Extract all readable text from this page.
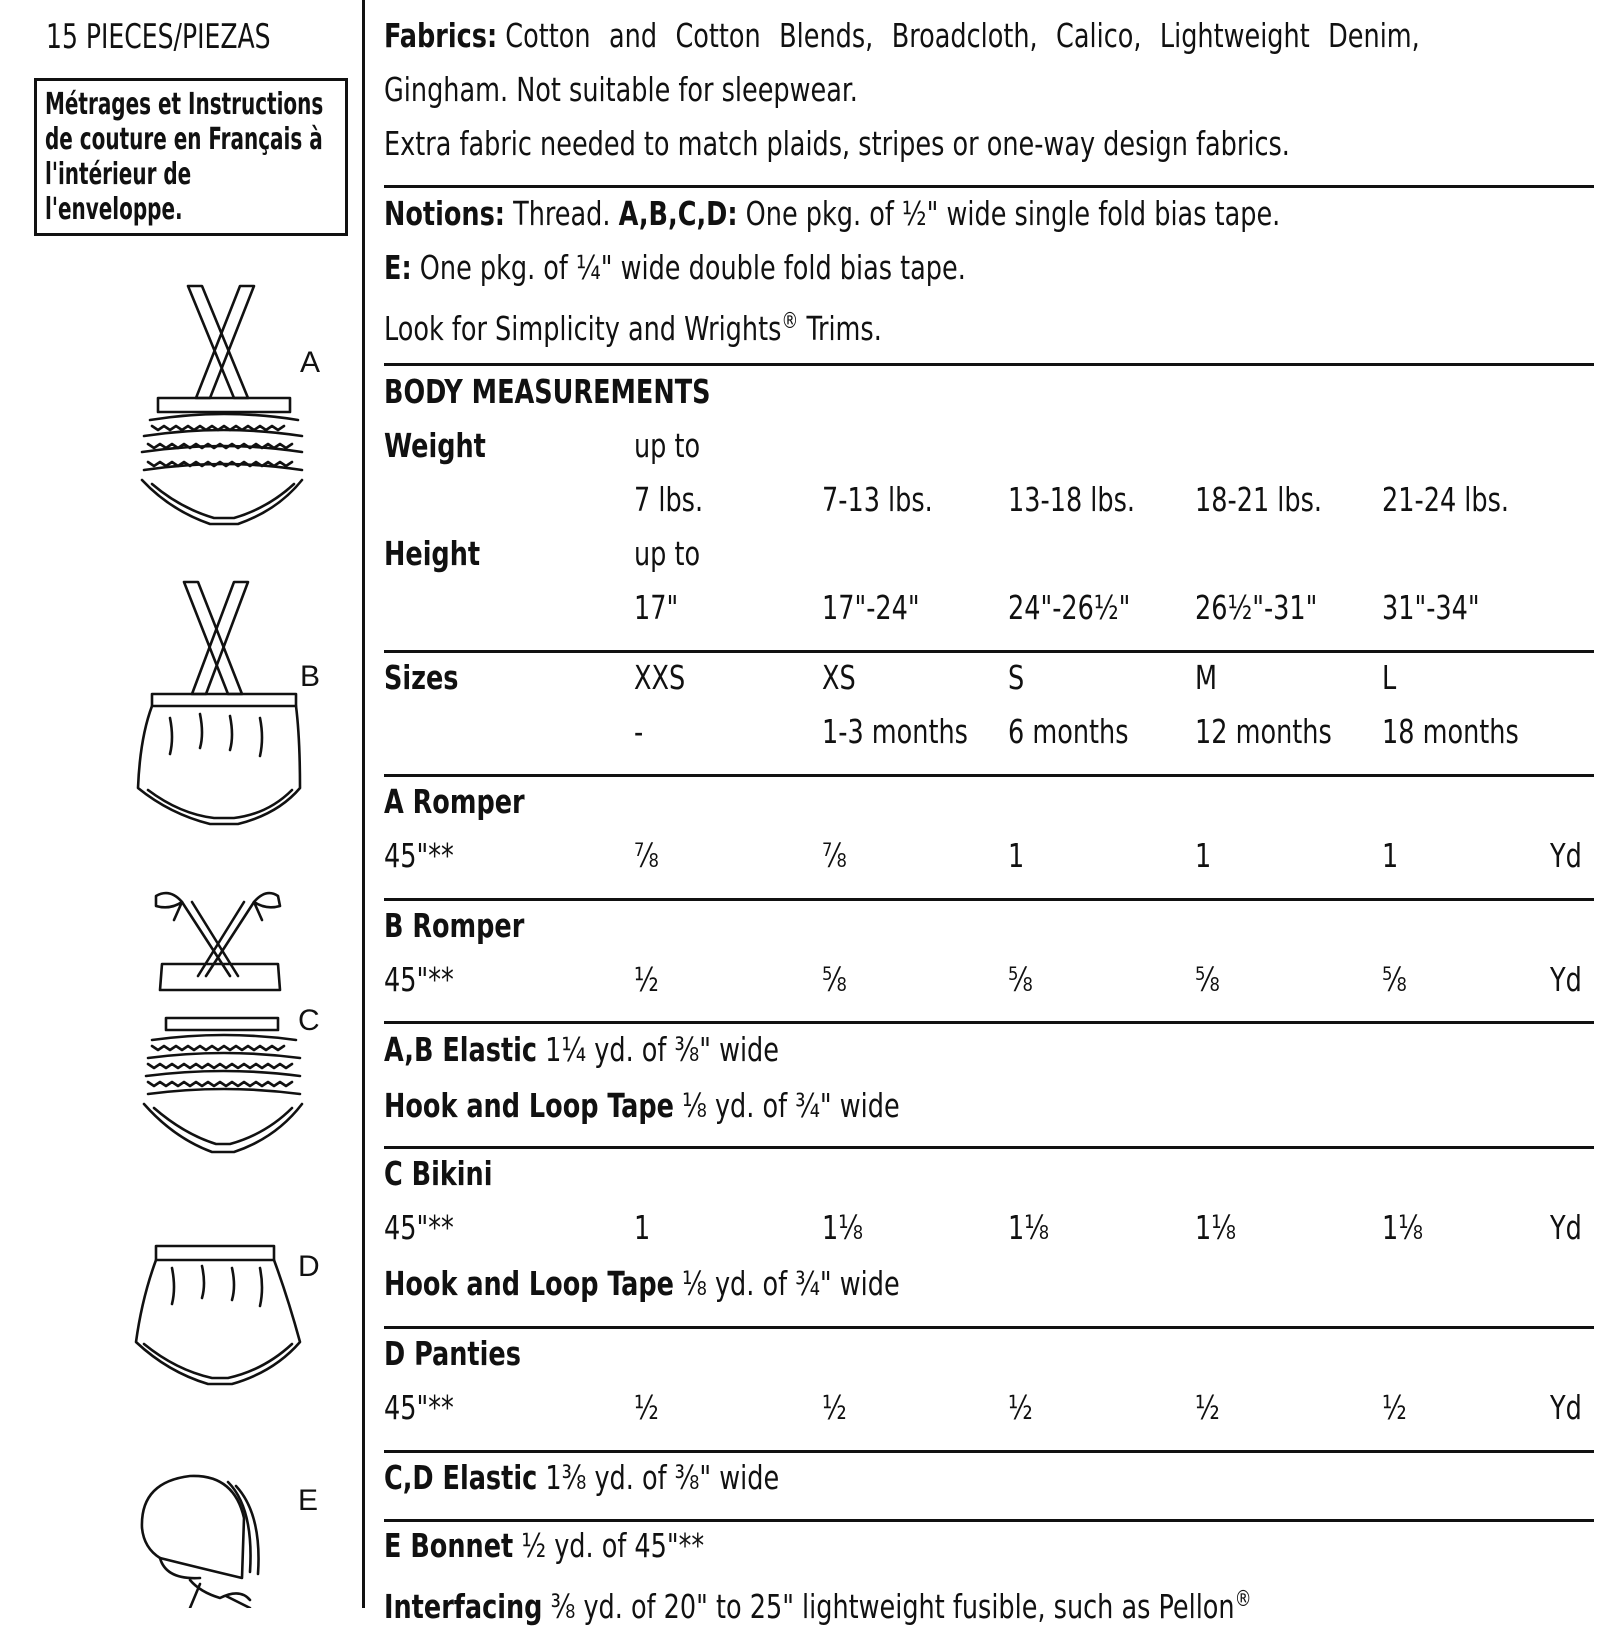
15 PIECES/PIEZAS
Métrages et Instructions de couture en Français à l'intérieur de l'enveloppe.
A
B
C
D
E
Fabrics: Cotton and Cotton Blends, Broadcloth, Calico, Lightweight Denim,
Gingham. Not suitable for sleepwear.
Extra fabric needed to match plaids, stripes or one-way design fabrics.
Notions: Thread. A,B,C,D: One pkg. of ½" wide single fold bias tape.
E: One pkg. of ¼" wide double fold bias tape.
Look for Simplicity and Wrights® Trims.
BODY MEASUREMENTS
Weight	up to
7 lbs.	7-13 lbs. 13-18 lbs. 18-21 lbs. 21-24 lbs.
Height	up to
17"	17"-24"	24"-26½" 26½"-31" 31"-34"
Sizes	XXS	XS	S	M	L
-	1-3 months 6 months 12 months 18 months
A Romper
45"**	⅞	⅞	1	1	1	Yd
B Romper
45"**	½	⅝	⅝	⅝	⅝	Yd
A,B Elastic 1¼ yd. of ⅜" wide
Hook and Loop Tape ⅛ yd. of ¾" wide
C Bikini
45"**	1	1⅛	1⅛	1⅛	1⅛	Yd
Hook and Loop Tape ⅛ yd. of ¾" wide
D Panties
45"**	½	½	½	½	½	Yd
C,D Elastic 1⅜ yd. of ⅜" wide
E Bonnet ½ yd. of 45"**
Interfacing ⅜ yd. of 20" to 25" lightweight fusible, such as Pellon®
